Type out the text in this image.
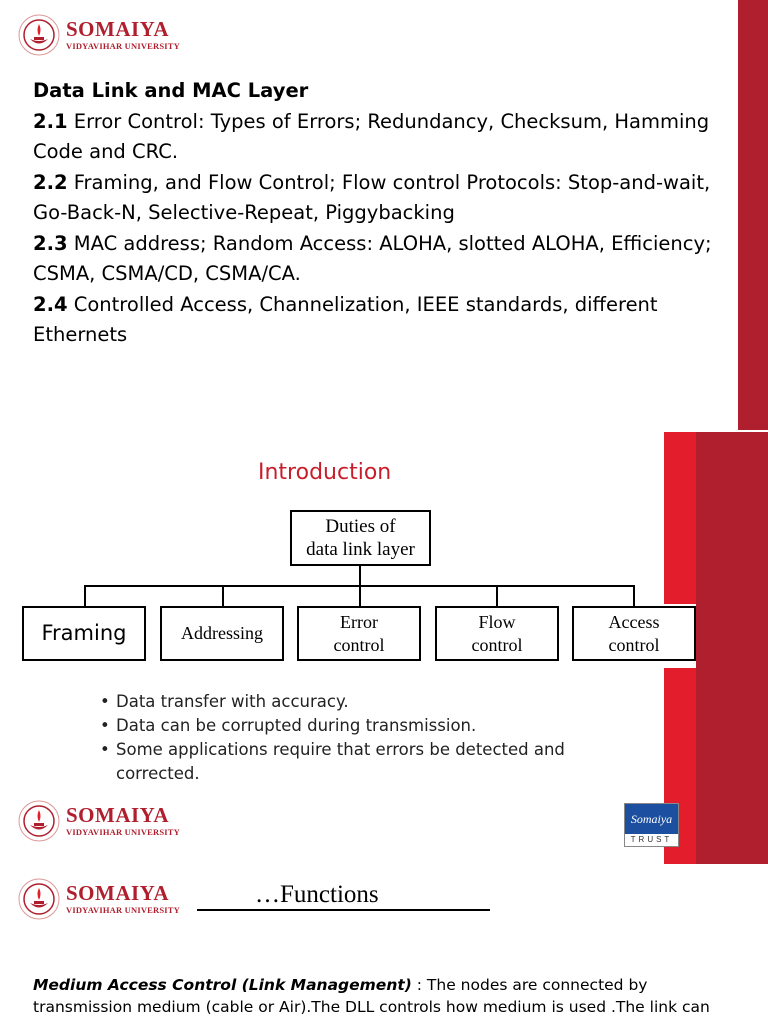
SOMAIYA
VIDYAVIHAR UNIVERSITY
Data Link and MAC Layer
2.1 Error Control: Types of Errors; Redundancy, Checksum, Hamming Code and CRC.
2.2 Framing, and Flow Control; Flow control Protocols: Stop-and-wait, Go-Back-N, Selective-Repeat, Piggybacking
2.3 MAC address; Random Access: ALOHA, slotted ALOHA, Efficiency; CSMA, CSMA/CD, CSMA/CA.
2.4 Controlled Access, Channelization, IEEE standards, different Ethernets
Introduction
Duties of
data link layer
Framing	Addressing
Error
control
Flow
control
Access
control
• Data transfer with accuracy.
• Data can be corrupted during transmission.
• Some applications require that errors be detected and corrected.
SOMAIYA
VIDYAVIHAR UNIVERSITY
Somaiya
TRUST
SOMAIYA
VIDYAVIHAR UNIVERSITY
…Functions
Medium Access Control (Link Management) : The nodes are connected by transmission medium (cable or Air).The DLL controls how medium is used .The link can
